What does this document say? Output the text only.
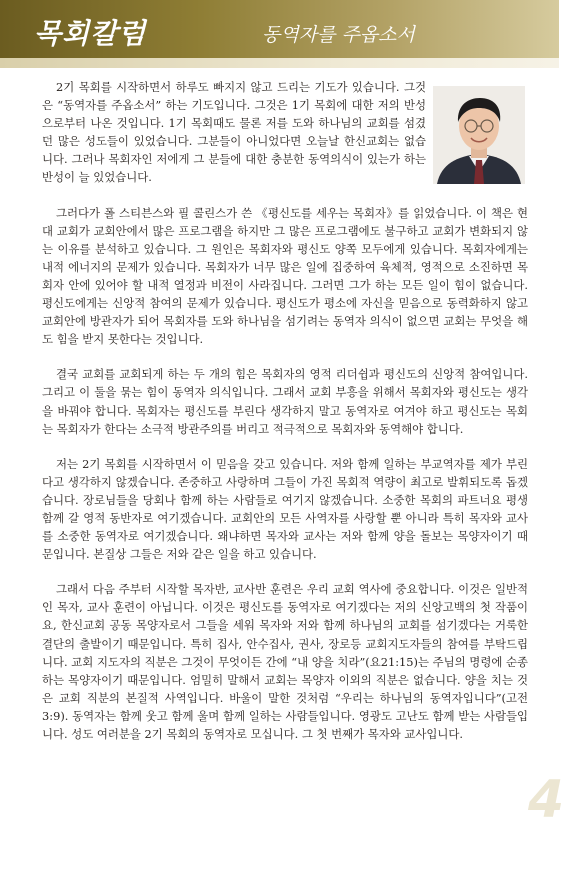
목회칼럼	동역자를 주옵소서

2기 목회를 시작하면서 하루도 빠지지 않고 드리는 기도가 있습니다. 그것은 “동역자를 주옵소서” 하는 기도입니다. 그것은 1기 목회에 대한 저의 반성으로부터 나온 것입니다. 1기 목회때도 물론 저를 도와 하나님의 교회를 섬겼던 많은 성도들이 있었습니다. 그분들이 아니었다면 오늘날 한신교회는 없습니다. 그러나 목회자인 저에게 그 분들에 대한 충분한 동역의식이 있는가 하는 반성이 늘 있었습니다.

그러다가 폴 스티븐스와 필 콜린스가 쓴 《평신도를 세우는 목회자》를 읽었습니다. 이 책은 현대 교회가 교회안에서 많은 프로그램을 하지만 그 많은 프로그램에도 불구하고 교회가 변화되지 않는 이유를 분석하고 있습니다. 그 원인은 목회자와 평신도 양쪽 모두에게 있습니다. 목회자에게는 내적 에너지의 문제가 있습니다. 목회자가 너무 많은 일에 집중하여 육체적, 영적으로 소진하면 목회자 안에 있어야 할 내적 열정과 비전이 사라집니다. 그러면 그가 하는 모든 일이 힘이 없습니다. 평신도에게는 신앙적 참여의 문제가 있습니다. 평신도가 평소에 자신을 믿음으로 동력화하지 않고 교회안에 방관자가 되어 목회자를 도와 하나님을 섬기려는 동역자 의식이 없으면 교회는 무엇을 해도 힘을 받지 못한다는 것입니다.

결국 교회를 교회되게 하는 두 개의 힘은 목회자의 영적 리더쉽과 평신도의 신앙적 참여입니다. 그리고 이 둘을 묶는 힘이 동역자 의식입니다. 그래서 교회 부흥을 위해서 목회자와 평신도는 생각을 바꿔야 합니다. 목회자는 평신도를 부린다 생각하지 말고 동역자로 여겨야 하고 평신도는 목회는 목회자가 한다는 소극적 방관주의를 버리고 적극적으로 목회자와 동역해야 합니다.

저는 2기 목회를 시작하면서 이 믿음을 갖고 있습니다. 저와 함께 일하는 부교역자를 제가 부린다고 생각하지 않겠습니다. 존중하고 사랑하며 그들이 가진 목회적 역량이 최고로 발휘되도록 돕겠습니다. 장로님들을 당회나 함께 하는 사람들로 여기지 않겠습니다. 소중한 목회의 파트너요 평생 함께 갈 영적 동반자로 여기겠습니다. 교회안의 모든 사역자를 사랑할 뿐 아니라 특히 목자와 교사를 소중한 동역자로 여기겠습니다. 왜냐하면 목자와 교사는 저와 함께 양을 돌보는 목양자이기 때문입니다. 본질상 그들은 저와 같은 일을 하고 있습니다.

그래서 다음 주부터 시작할 목자반, 교사반 훈련은 우리 교회 역사에 중요합니다. 이것은 일반적인 목자, 교사 훈련이 아닙니다. 이것은 평신도를 동역자로 여기겠다는 저의 신앙고백의 첫 작품이요, 한신교회 공동 목양자로서 그들을 세워 목자와 저와 함께 하나님의 교회를 섬기겠다는 거룩한 결단의 출발이기 때문입니다. 특히 집사, 안수집사, 권사, 장로등 교회지도자들의 참여를 부탁드립니다. 교회 지도자의 직분은 그것이 무엇이든 간에 “내 양을 치라”(요21:15)는 주님의 명령에 순종하는 목양자이기 때문입니다. 엄밀히 말해서 교회는 목양자 이외의 직분은 없습니다. 양을 치는 것은 교회 직분의 본질적 사역입니다. 바울이 말한 것처럼 “우리는 하나님의 동역자입니다”(고전3:9). 동역자는 함께 웃고 함께 울며 함께 일하는 사람들입니다. 영광도 고난도 함께 받는 사람들입니다. 성도 여러분을 2기 목회의 동역자로 모십니다. 그 첫 번째가 목자와 교사입니다.

4
